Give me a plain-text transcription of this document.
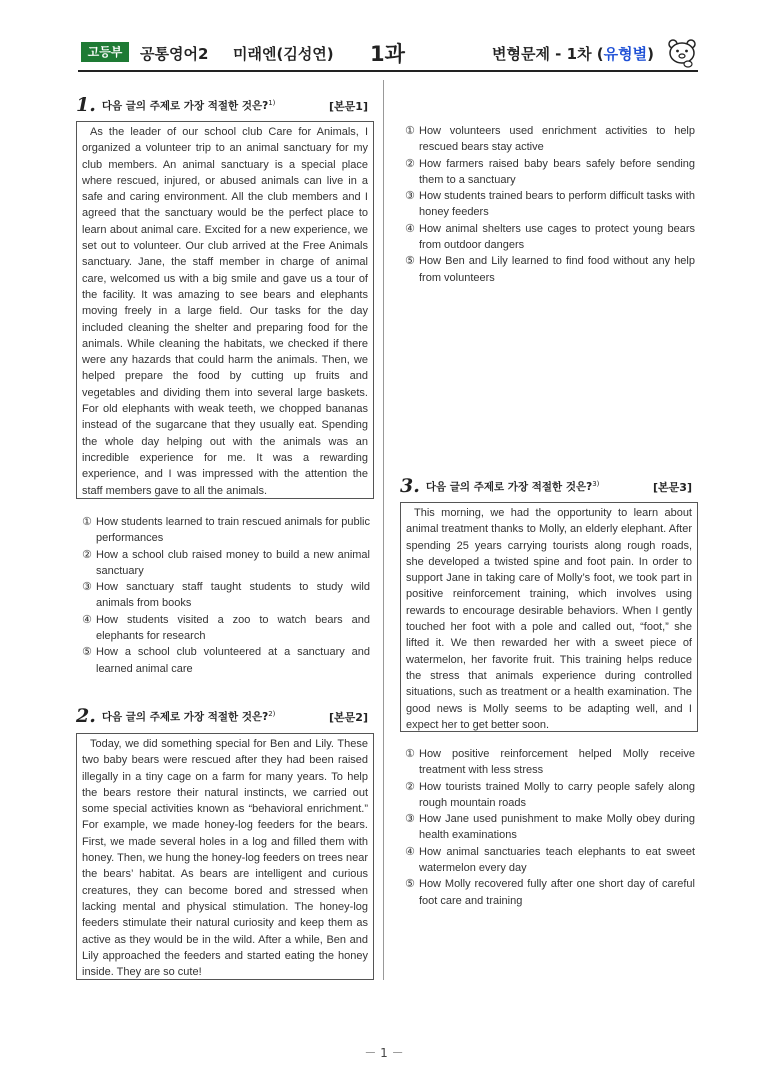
고등부	공통영어2 미래엔(김성연) 1과	변형문제 - 1차 (유형별)
1. 다음 글의 주제로 가장 적절한 것은?$^{1)}$	[본문1]
As the leader of our school club Care for Animals, I organized a volunteer trip to an animal sanctuary for my club members. An animal sanctuary is a special place where rescued, injured, or abused animals can live in a safe and caring environment. All the club members and I agreed that the sanctuary would be the perfect place to learn about animal care. Excited for a new experience, we set out to volunteer. Our club arrived at the Free Animals sanctuary. Jane, the staff member in charge of animal care, welcomed us with a big smile and gave us a tour of the facility. It was amazing to see bears and elephants moving freely in a large field. Our tasks for the day included cleaning the shelter and preparing food for the animals. While cleaning the habitats, we checked if there were any hazards that could harm the animals. Then, we helped prepare the food by cutting up fruits and vegetables and dividing them into several large baskets. For old elephants with weak teeth, we chopped bananas instead of the sugarcane that they usually eat. Spending the whole day helping out with the animals was an incredible experience for me. It was a rewarding experience, and I was impressed with the attention the staff members gave to all the animals.
① How students learned to train rescued animals for public performances
② How a school club raised money to build a new animal sanctuary
③ How sanctuary staff taught students to study wild animals from books
④ How students visited a zoo to watch bears and elephants for research
⑤ How a school club volunteered at a sanctuary and learned animal care
2. 다음 글의 주제로 가장 적절한 것은?$^{2)}$	[본문2]
Today, we did something special for Ben and Lily. These two baby bears were rescued after they had been raised illegally in a tiny cage on a farm for many years. To help the bears restore their natural instincts, we carried out some special activities known as “behavioral enrichment.” For example, we made honey-log feeders for the bears. First, we made several holes in a log and filled them with honey. Then, we hung the honey-log feeders on trees near the bears’ habitat. As bears are intelligent and curious creatures, they can become bored and stressed when lacking mental and physical stimulation. The honey-log feeders stimulate their natural curiosity and keep them as active as they would be in the wild. After a while, Ben and Lily approached the feeders and started eating the honey inside. They are so cute!
① How volunteers used enrichment activities to help rescued bears stay active
② How farmers raised baby bears safely before sending them to a sanctuary
③ How students trained bears to perform difficult tasks with honey feeders
④ How animal shelters use cages to protect young bears from outdoor dangers
⑤ How Ben and Lily learned to find food without any help from volunteers
3. 다음 글의 주제로 가장 적절한 것은?$^{3)}$	[본문3]
This morning, we had the opportunity to learn about animal treatment thanks to Molly, an elderly elephant. After spending 25 years carrying tourists along rough roads, she developed a twisted spine and foot pain. In order to support Jane in taking care of Molly’s foot, we took part in positive reinforcement training, which involves using rewards to encourage desirable behaviors. When I gently touched her foot with a pole and called out, “foot,” she lifted it. We then rewarded her with a sweet piece of watermelon, her favorite fruit. This training helps reduce the stress that animals experience during controlled situations, such as treatment or a health examination. The good news is Molly seems to be adapting well, and I expect her to get better soon.
① How positive reinforcement helped Molly receive treatment with less stress
② How tourists trained Molly to carry people safely along rough mountain roads
③ How Jane used punishment to make Molly obey during health examinations
④ How animal sanctuaries teach elephants to eat sweet watermelon every day
⑤ How Molly recovered fully after one short day of careful foot care and training
－ 1 －
